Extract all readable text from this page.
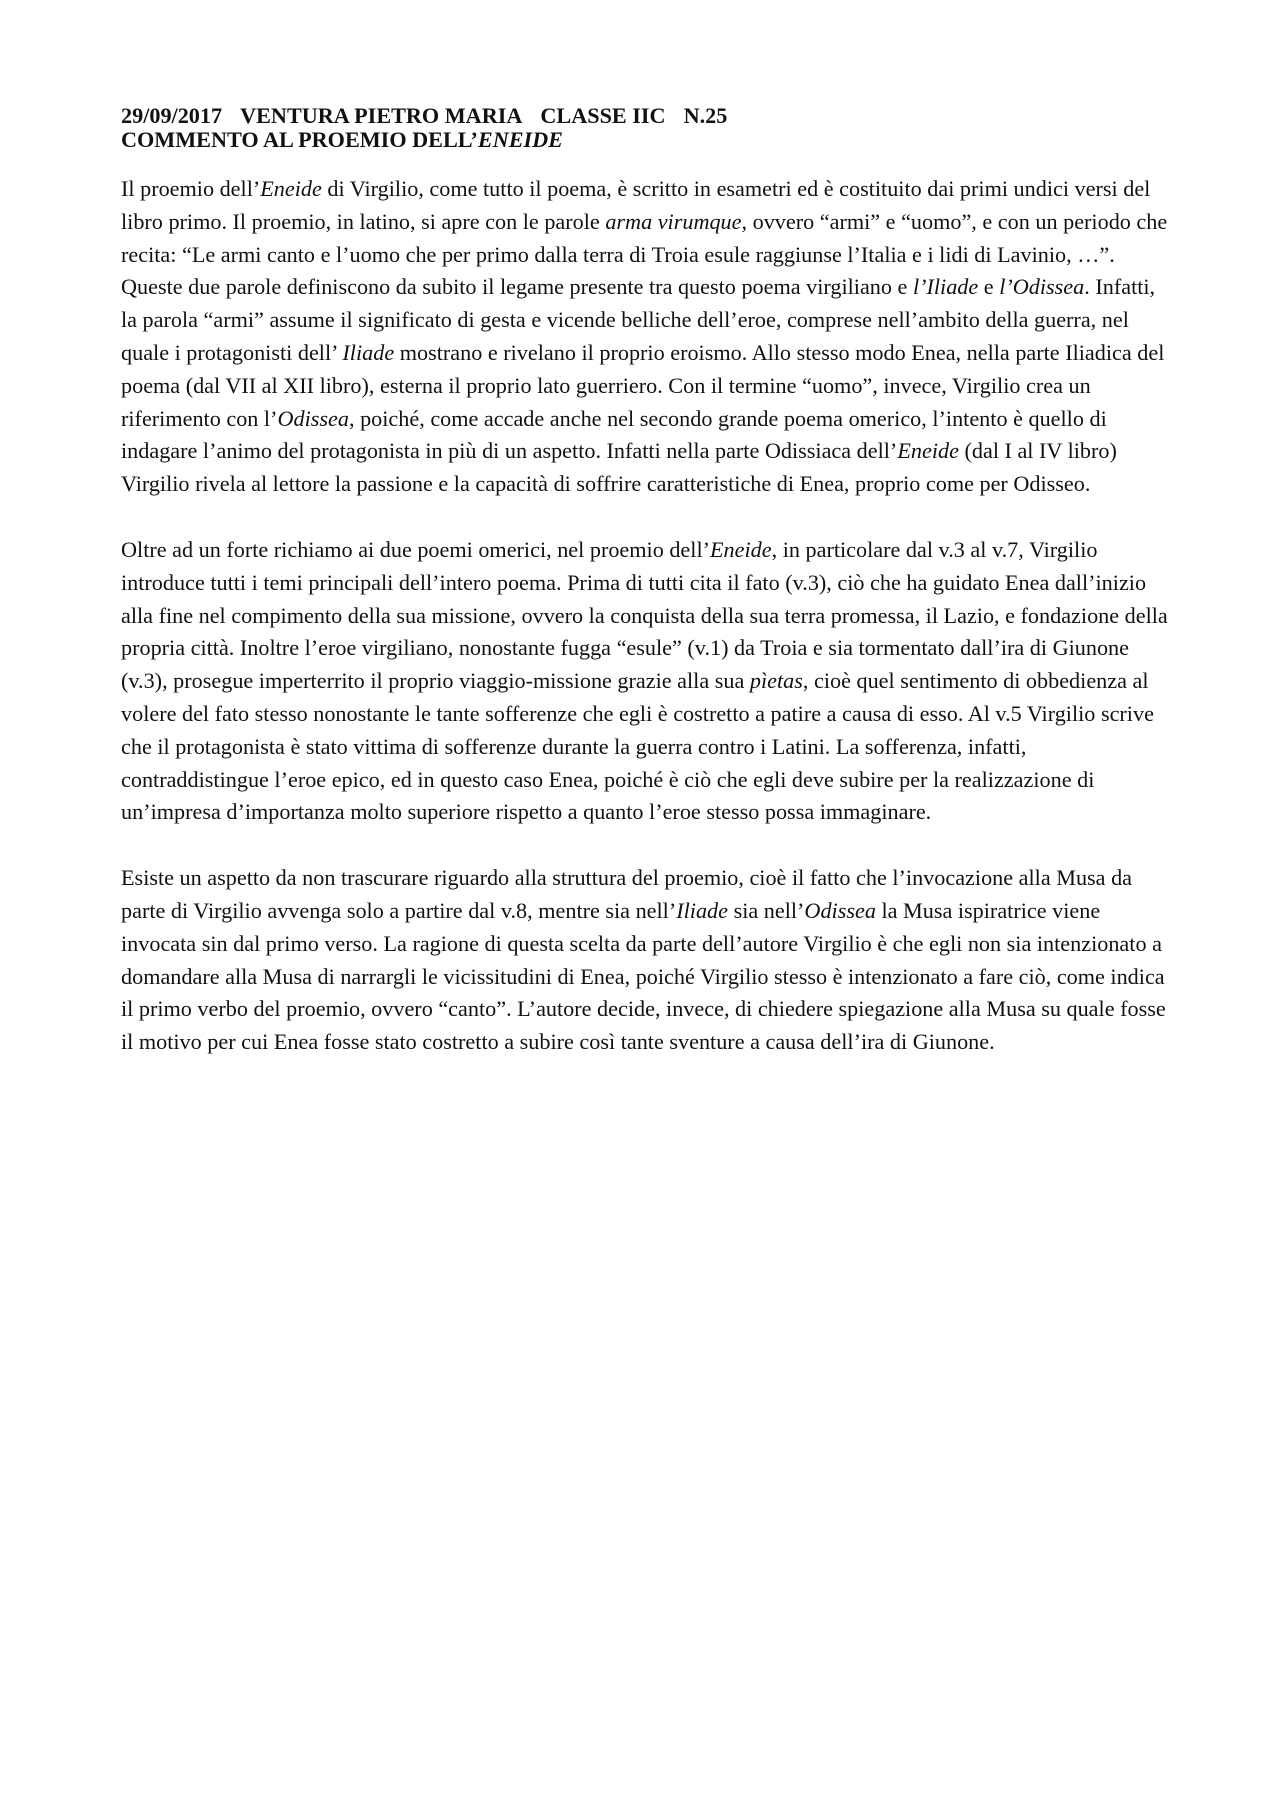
29/09/2017 VENTURA PIETRO MARIA CLASSE IIC N.25
COMMENTO AL PROEMIO DELL’ENEIDE

Il proemio dell’Eneide di Virgilio, come tutto il poema, è scritto in esametri ed è costituito dai primi undici versi del libro primo. Il proemio, in latino, si apre con le parole arma virumque, ovvero “armi” e “uomo”, e con un periodo che recita: “Le armi canto e l’uomo che per primo dalla terra di Troia esule raggiunse l’Italia e i lidi di Lavinio, …”. Queste due parole definiscono da subito il legame presente tra questo poema virgiliano e l’Iliade e l’Odissea. Infatti, la parola “armi” assume il significato di gesta e vicende belliche dell’eroe, comprese nell’ambito della guerra, nel quale i protagonisti dell’ Iliade mostrano e rivelano il proprio eroismo. Allo stesso modo Enea, nella parte Iliadica del poema (dal VII al XII libro), esterna il proprio lato guerriero. Con il termine “uomo”, invece, Virgilio crea un riferimento con l’Odissea, poiché, come accade anche nel secondo grande poema omerico, l’intento è quello di indagare l’animo del protagonista in più di un aspetto. Infatti nella parte Odissiaca dell’Eneide (dal I al IV libro) Virgilio rivela al lettore la passione e la capacità di soffrire caratteristiche di Enea, proprio come per Odisseo.

Oltre ad un forte richiamo ai due poemi omerici, nel proemio dell’Eneide, in particolare dal v.3 al v.7, Virgilio introduce tutti i temi principali dell’intero poema. Prima di tutti cita il fato (v.3), ciò che ha guidato Enea dall’inizio alla fine nel compimento della sua missione, ovvero la conquista della sua terra promessa, il Lazio, e fondazione della propria città. Inoltre l’eroe virgiliano, nonostante fugga “esule” (v.1) da Troia e sia tormentato dall’ira di Giunone (v.3), prosegue imperterrito il proprio viaggio-missione grazie alla sua pìetas, cioè quel sentimento di obbedienza al volere del fato stesso nonostante le tante sofferenze che egli è costretto a patire a causa di esso. Al v.5 Virgilio scrive che il protagonista è stato vittima di sofferenze durante la guerra contro i Latini. La sofferenza, infatti, contraddistingue l’eroe epico, ed in questo caso Enea, poiché è ciò che egli deve subire per la realizzazione di un’impresa d’importanza molto superiore rispetto a quanto l’eroe stesso possa immaginare.

Esiste un aspetto da non trascurare riguardo alla struttura del proemio, cioè il fatto che l’invocazione alla Musa da parte di Virgilio avvenga solo a partire dal v.8, mentre sia nell’Iliade sia nell’Odissea la Musa ispiratrice viene invocata sin dal primo verso. La ragione di questa scelta da parte dell’autore Virgilio è che egli non sia intenzionato a domandare alla Musa di narrargli le vicissitudini di Enea, poiché Virgilio stesso è intenzionato a fare ciò, come indica il primo verbo del proemio, ovvero “canto”. L’autore decide, invece, di chiedere spiegazione alla Musa su quale fosse il motivo per cui Enea fosse stato costretto a subire così tante sventure a causa dell’ira di Giunone.
